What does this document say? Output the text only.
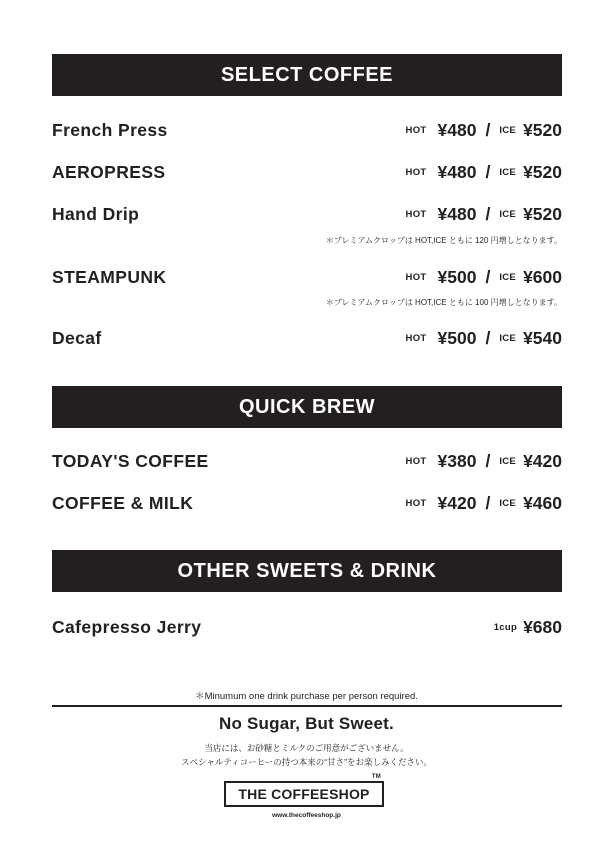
SELECT COFFEE
French Press	HOT ¥480 / ICE ¥520
AEROPRESS	HOT ¥480 / ICE ¥520
Hand Drip	HOT ¥480 / ICE ¥520
＊プレミアムクロップは HOT,ICE ともに 120 円増しとなります。
STEAMPUNK	HOT ¥500 / ICE ¥600
＊プレミアムクロップは HOT,ICE ともに 100 円増しとなります。
Decaf	HOT ¥500 / ICE ¥540
QUICK BREW
TODAY'S COFFEE	HOT ¥380 / ICE ¥420
COFFEE & MILK	HOT ¥420 / ICE ¥460
OTHER SWEETS & DRINK
Cafepresso Jerry	1cup ¥680
＊Minumum one drink purchase per person required.
No Sugar, But Sweet.
当店には、お砂糖とミルクのご用意がございません。
スペシャルティコーヒーの持つ本来の“甘さ”をお楽しみください。
THE COFFEESHOP
TM
www.thecoffeeshop.jp
